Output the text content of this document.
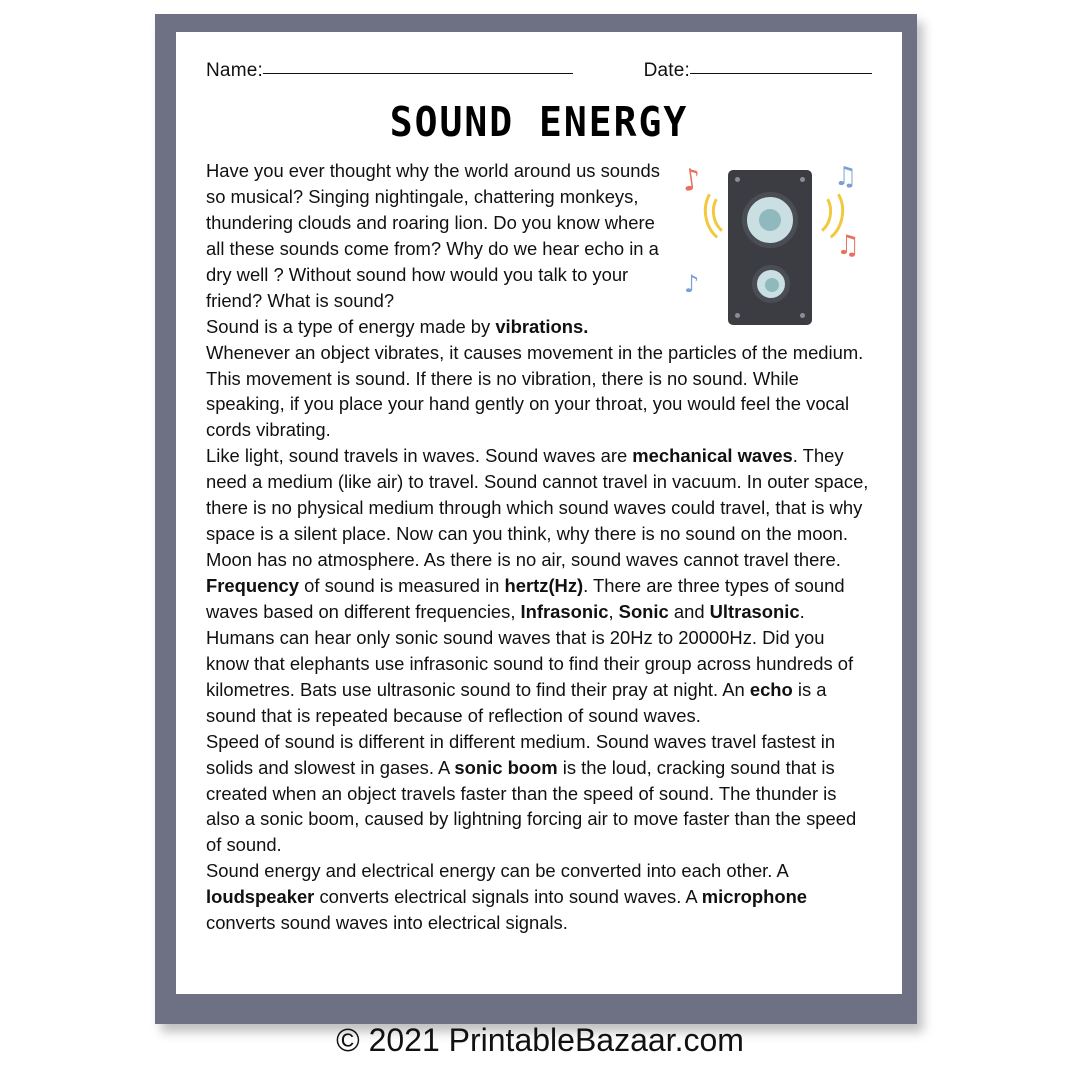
Name:	Date:
SOUND ENERGY
♪	♫
♫
♪

Have you ever thought why the world around us sounds so musical? Singing nightingale, chattering monkeys, thundering clouds and roaring lion. Do you know where all these sounds come from? Why do we hear echo in a dry well ? Without sound how would you talk to your friend? What is sound?

Sound is a type of energy made by vibrations. Whenever an object vibrates, it causes movement in the particles of the medium. This movement is sound. If there is no vibration, there is no sound. While speaking, if you place your hand gently on your throat, you would feel the vocal cords vibrating.

Like light, sound travels in waves. Sound waves are mechanical waves. They need a medium (like air) to travel. Sound cannot travel in vacuum. In outer space, there is no physical medium through which sound waves could travel, that is why space is a silent place. Now can you think, why there is no sound on the moon. Moon has no atmosphere. As there is no air, sound waves cannot travel there.

Frequency of sound is measured in hertz(Hz). There are three types of sound waves based on different frequencies, Infrasonic, Sonic and Ultrasonic. Humans can hear only sonic sound waves that is 20Hz to 20000Hz. Did you know that elephants use infrasonic sound to find their group across hundreds of kilometres. Bats use ultrasonic sound to find their pray at night. An echo is a sound that is repeated because of reflection of sound waves.

Speed of sound is different in different medium. Sound waves travel fastest in solids and slowest in gases. A sonic boom is the loud, cracking sound that is created when an object travels faster than the speed of sound. The thunder is also a sonic boom, caused by lightning forcing air to move faster than the speed of sound.

Sound energy and electrical energy can be converted into each other. A loudspeaker converts electrical signals into sound waves. A microphone converts sound waves into electrical signals.

© 2021 PrintableBazaar.com
